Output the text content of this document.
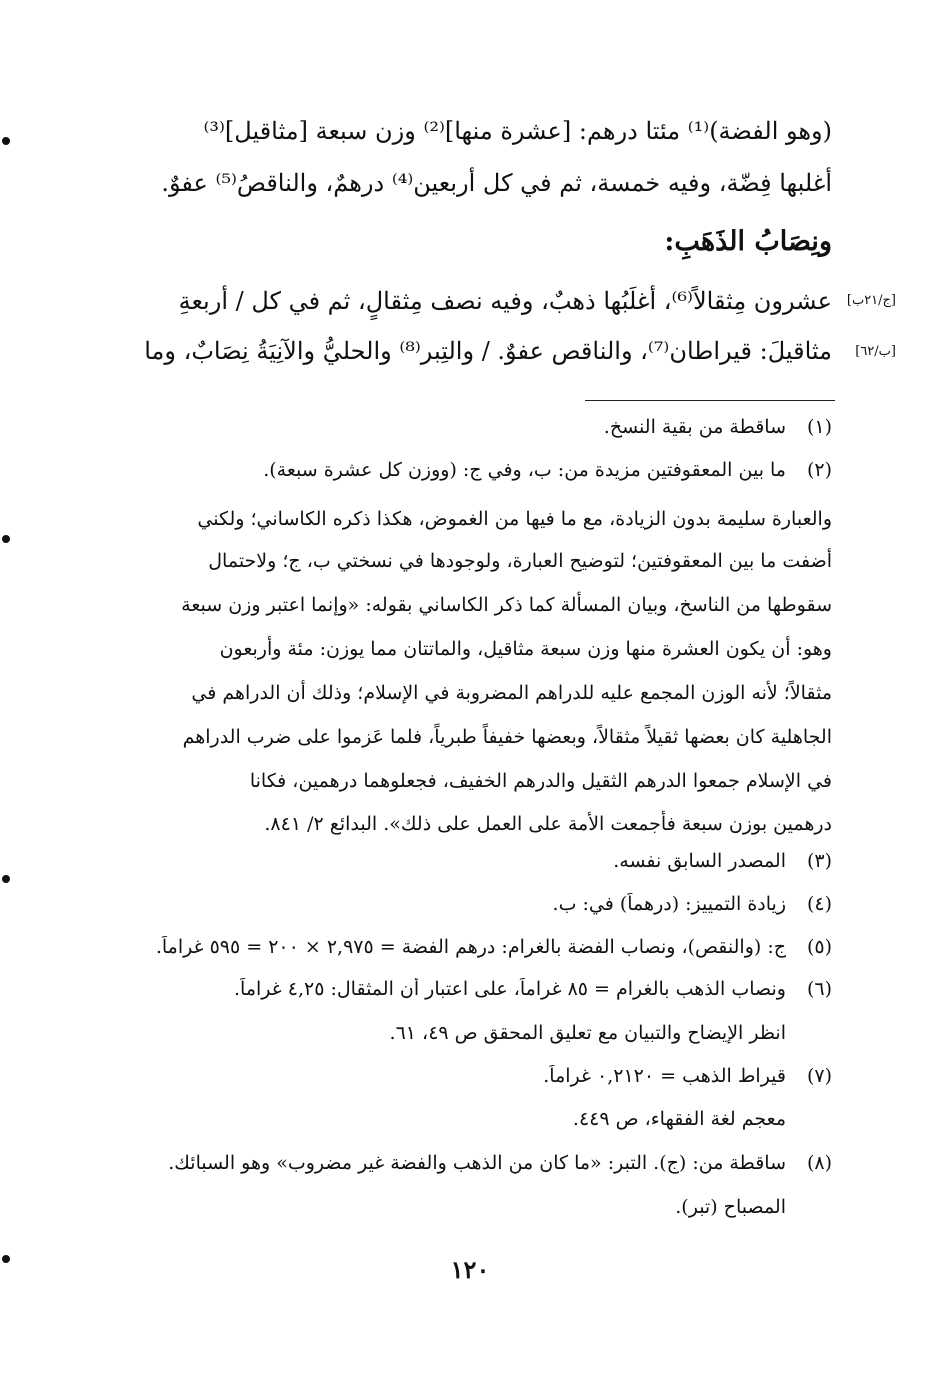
(وهو الفضة)⁽¹⁾ مئتا درهم: [عشرة منها]⁽²⁾ وزن سبعة [مثاقيل]⁽³⁾
أغلبها فِضّة، وفيه خمسة، ثم في كل أربعين⁽⁴⁾ درهمٌ، والناقصُ⁽⁵⁾ عفوٌ.
ونِصَابُ الذَهَبِ:
عشرون مِثقالاً⁽⁶⁾، أغلَبُها ذهبٌ، وفيه نصف مِثقالٍ، ثم في كل / أربعةِ
مثاقيلَ: قيراطان⁽⁷⁾، والناقص عفوٌ. / والتِبر⁽⁸⁾ والحليُّ والآنِيَةُ نِصَابٌ، وما
[ج/٢١ب]
[ب/٦٢]
(١)
ساقطة من بقية النسخ.
(٢)
ما بين المعقوفتين مزيدة من: ب، وفي ج: (ووزن كل عشرة سبعة).
والعبارة سليمة بدون الزيادة، مع ما فيها من الغموض، هكذا ذكره الكاساني؛ ولكني
أضفت ما بين المعقوفتين؛ لتوضيح العبارة، ولوجودها في نسختي ب، ج؛ ولاحتمال
سقوطها من الناسخ، وبيان المسألة كما ذكر الكاساني بقوله: «وإنما اعتبر وزن سبعة
وهو: أن يكون العشرة منها وزن سبعة مثاقيل، والماتتان مما يوزن: مئة وأربعون
مثقالاً؛ لأنه الوزن المجمع عليه للدراهم المضروبة في الإسلام؛ وذلك أن الدراهم في
الجاهلية كان بعضها ثقيلاً مثقالاً، وبعضها خفيفاً طبرياً، فلما عَزموا على ضرب الدراهم
في الإسلام جمعوا الدرهم الثقيل والدرهم الخفيف، فجعلوهما درهمين، فكانا
درهمين بوزن سبعة فأجمعت الأمة على العمل على ذلك». البدائع ٢/ ٨٤١.
(٣)
المصدر السابق نفسه.
(٤)
زيادة التمييز: (درهماً) في: ب.
(٥)
ج: (والنقص)، ونصاب الفضة بالغرام: درهم الفضة = ٢,٩٧٥ × ٢٠٠ = ٥٩٥ غراماً.
(٦)
ونصاب الذهب بالغرام = ٨٥ غراماً، على اعتبار أن المثقال: ٤,٢٥ غراماً.
انظر الإيضاح والتبيان مع تعليق المحقق ص ٤٩، ٦١.
(٧)
قيراط الذهب = ٠,٢١٢٠ غراماً.
معجم لغة الفقهاء، ص ٤٤٩.
(٨)
ساقطة من: (ج). التبر: «ما كان من الذهب والفضة غير مضروب» وهو السبائك.
المصباح (تبر).
١٢٠
